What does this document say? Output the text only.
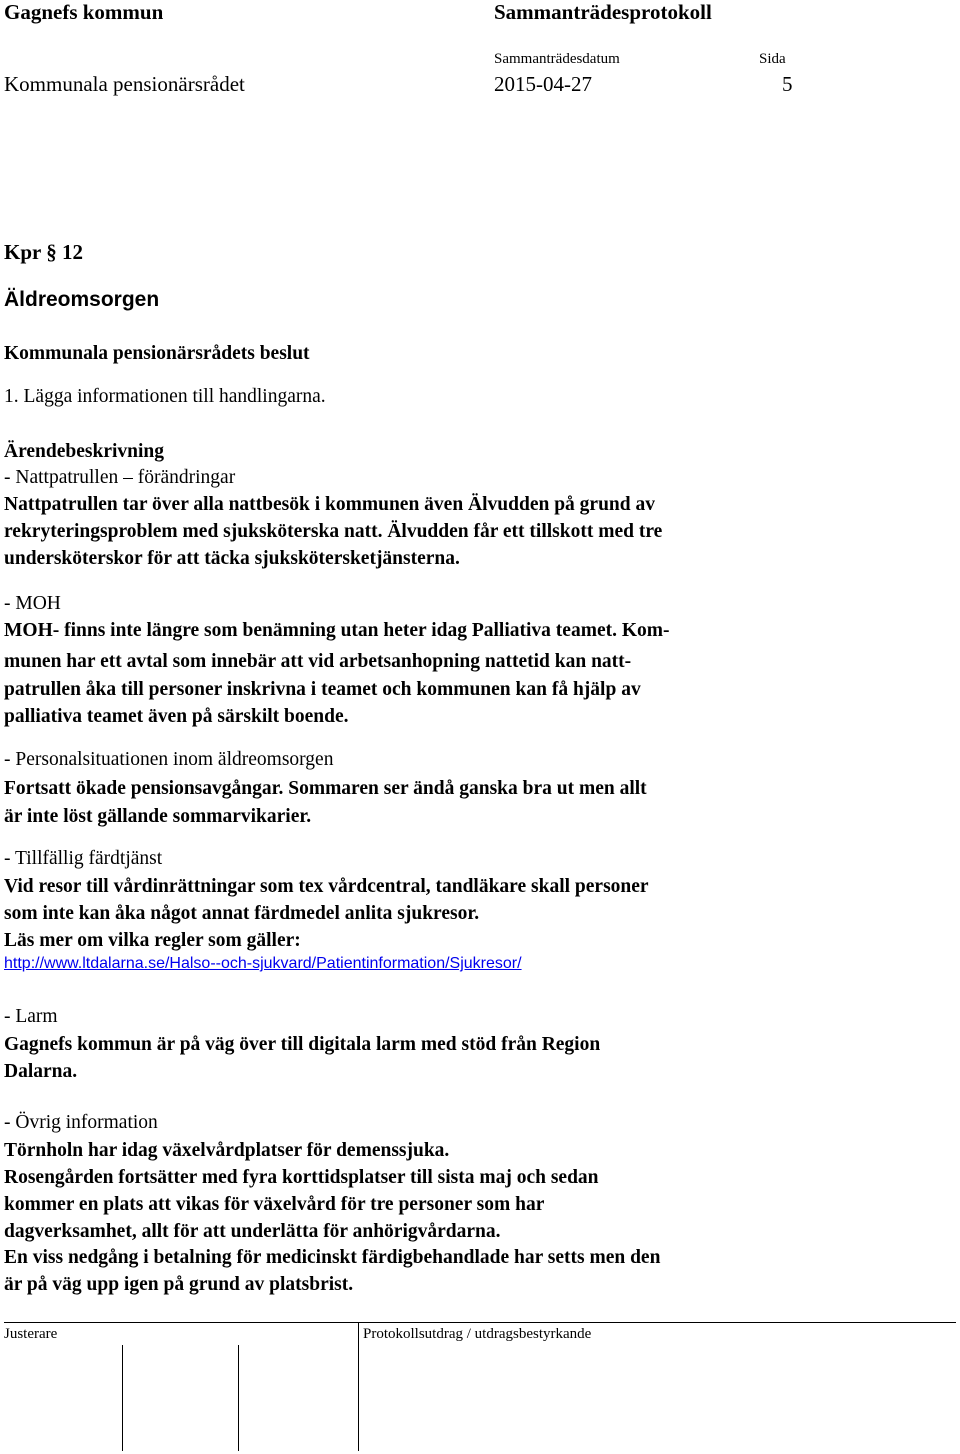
Gagnefs kommun	Sammanträdesprotokoll
Sammanträdesdatum	Sida
Kommunala pensionärsrådet	2015-04-27	5
Kpr § 12
Äldreomsorgen
Kommunala pensionärsrådets beslut
1. Lägga informationen till handlingarna.
Ärendebeskrivning
- Nattpatrullen – förändringar
Nattpatrullen tar över alla nattbesök i kommunen även Älvudden på grund av
rekryteringsproblem med sjuksköterska natt. Älvudden får ett tillskott med tre
undersköterskor för att täcka sjukskötersketjänsterna.
- MOH
MOH- finns inte längre som benämning utan heter idag Palliativa teamet. Kom-
munen har ett avtal som innebär att vid arbetsanhopning nattetid kan natt-
patrullen åka till personer inskrivna i teamet och kommunen kan få hjälp av
palliativa teamet även på särskilt boende.
- Personalsituationen inom äldreomsorgen
Fortsatt ökade pensionsavgångar. Sommaren ser ändå ganska bra ut men allt
är inte löst gällande sommarvikarier.
- Tillfällig färdtjänst
Vid resor till vårdinrättningar som tex vårdcentral, tandläkare skall personer
som inte kan åka något annat färdmedel anlita sjukresor.
Läs mer om vilka regler som gäller:
http://www.ltdalarna.se/Halso--och-sjukvard/Patientinformation/Sjukresor/
- Larm
Gagnefs kommun är på väg över till digitala larm med stöd från Region
Dalarna.
- Övrig information
Törnholn har idag växelvårdplatser för demenssjuka.
Rosengården fortsätter med fyra korttidsplatser till sista maj och sedan
kommer en plats att vikas för växelvård för tre personer som har
dagverksamhet, allt för att underlätta för anhörigvårdarna.
En viss nedgång i betalning för medicinskt färdigbehandlade har setts men den
är på väg upp igen på grund av platsbrist.
Justerare	Protokollsutdrag / utdragsbestyrkande
